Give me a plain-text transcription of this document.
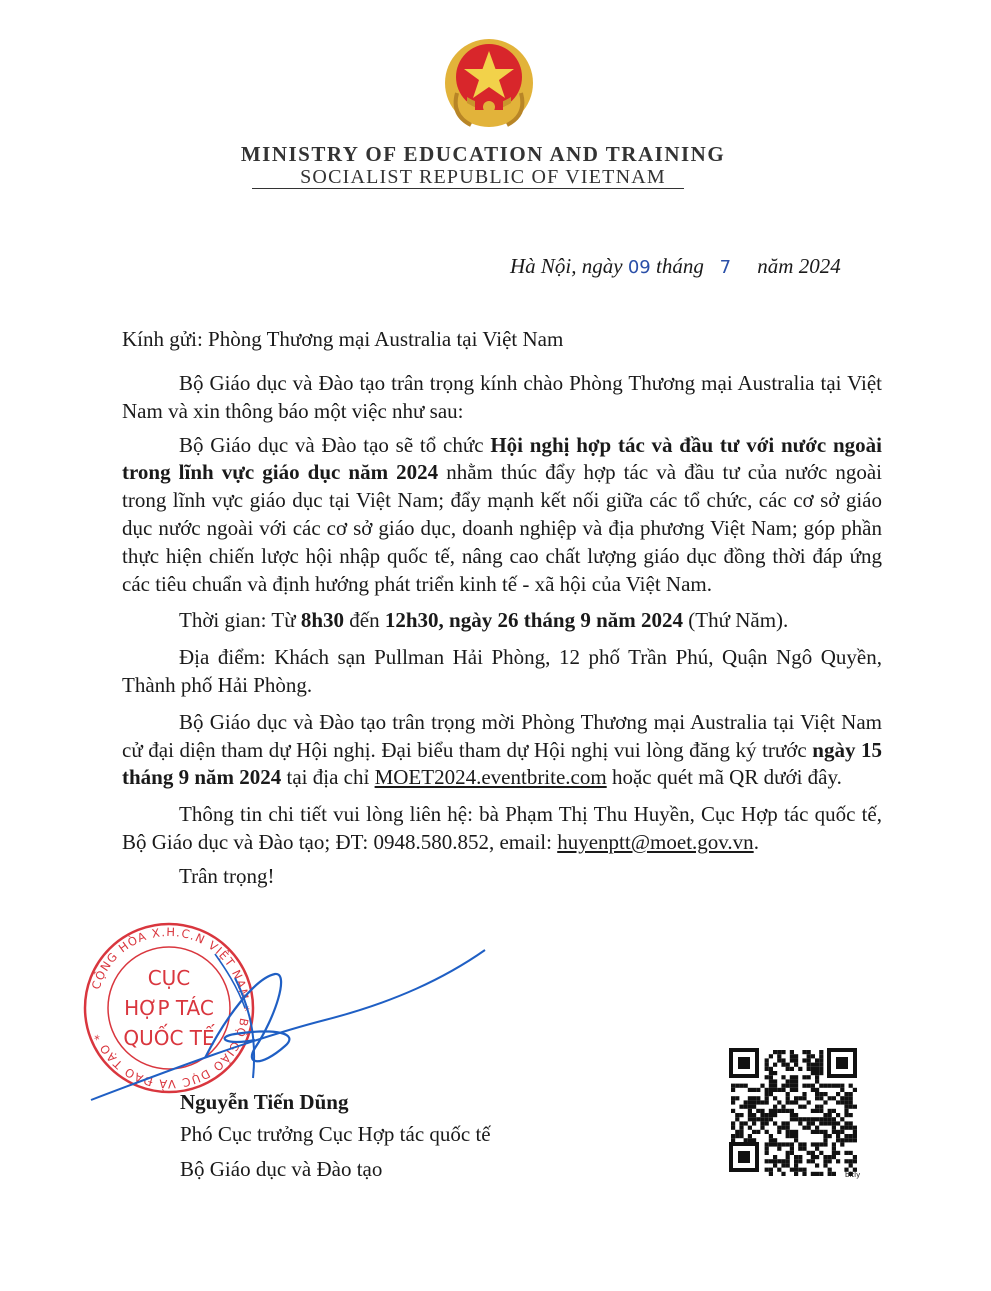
MINISTRY OF EDUCATION AND TRAINING
SOCIALIST REPUBLIC OF VIETNAM
Hà Nội, ngày 09 tháng 7 năm 2024
Kính gửi: Phòng Thương mại Australia tại Việt Nam

Bộ Giáo dục và Đào tạo trân trọng kính chào Phòng Thương mại Australia tại Việt Nam và xin thông báo một việc như sau:

Bộ Giáo dục và Đào tạo sẽ tổ chức Hội nghị hợp tác và đầu tư với nước ngoài trong lĩnh vực giáo dục năm 2024 nhằm thúc đẩy hợp tác và đầu tư của nước ngoài trong lĩnh vực giáo dục tại Việt Nam; đẩy mạnh kết nối giữa các tổ chức, các cơ sở giáo dục nước ngoài với các cơ sở giáo dục, doanh nghiệp và địa phương Việt Nam; góp phần thực hiện chiến lược hội nhập quốc tế, nâng cao chất lượng giáo dục đồng thời đáp ứng các tiêu chuẩn và định hướng phát triển kinh tế - xã hội của Việt Nam.

Thời gian: Từ 8h30 đến 12h30, ngày 26 tháng 9 năm 2024 (Thứ Năm).

Địa điểm: Khách sạn Pullman Hải Phòng, 12 phố Trần Phú, Quận Ngô Quyền, Thành phố Hải Phòng.

Bộ Giáo dục và Đào tạo trân trọng mời Phòng Thương mại Australia tại Việt Nam cử đại diện tham dự Hội nghị. Đại biểu tham dự Hội nghị vui lòng đăng ký trước ngày 15 tháng 9 năm 2024 tại địa chỉ MOET2024.eventbrite.com hoặc quét mã QR dưới đây.

Thông tin chi tiết vui lòng liên hệ: bà Phạm Thị Thu Huyền, Cục Hợp tác quốc tế, Bộ Giáo dục và Đào tạo; ĐT: 0948.580.852, email: huyenptt@moet.gov.vn.

Trân trọng!

CỘNG HÒA X.H.C.N VIỆT NAM * BỘ GIÁO DỤC VÀ ĐÀO TẠO *
CỤC
HỢP TÁC
QUỐC TẾ
Nguyễn Tiến Dũng
Phó Cục trưởng Cục Hợp tác quốc tế
Bộ Giáo dục và Đào tạo	bitly
